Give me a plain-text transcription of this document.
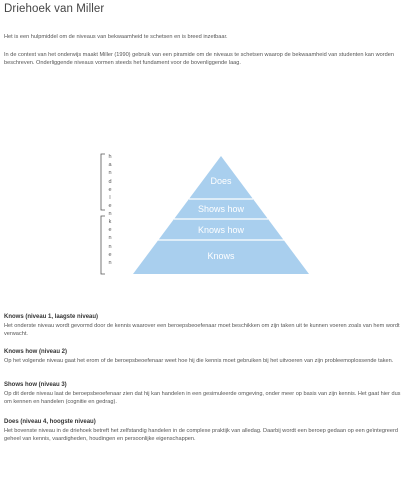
Driehoek van Miller

Het is een hulpmiddel om de niveaus van bekwaamheid te schetsen en is breed inzetbaar.

In de context van het onderwijs maakt Miller (1990) gebruik van een piramide om de niveaus te schetsen waarop de bekwaamheid van studenten kan worden beschreven. Onderliggende niveaus vormen steeds het fundament voor de bovenliggende laag.

Does
Shows how
Knows how
Knows
h
a
n
d
e
l
e
n
k
e
n
n
e
n
Knows (niveau 1, laagste niveau)

Het onderste niveau wordt gevormd door de kennis waarover een beroepsbeoefenaar moet beschikken om zijn taken uit te kunnen voeren zoals van hem wordt verwacht.

Knows how (niveau 2)

Op het volgende niveau gaat het erom of de beroepsbeoefenaar weet hoe hij die kennis moet gebruiken bij het uitvoeren van zijn probleemoplossende taken.

Shows how (niveau 3)

Op dit derde niveau laat de beroepsbeoefenaar zien dat hij kan handelen in een gesimuleerde omgeving, onder meer op basis van zijn kennis. Het gaat hier dus om kennen en handelen (cognitie en gedrag).

Does (niveau 4, hoogste niveau)

Het bovenste niveau in de driehoek betreft het zelfstandig handelen in de complexe praktijk van alledag. Daarbij wordt een beroep gedaan op een geïntegreerd geheel van kennis, vaardigheden, houdingen en persoonlijke eigenschappen.
